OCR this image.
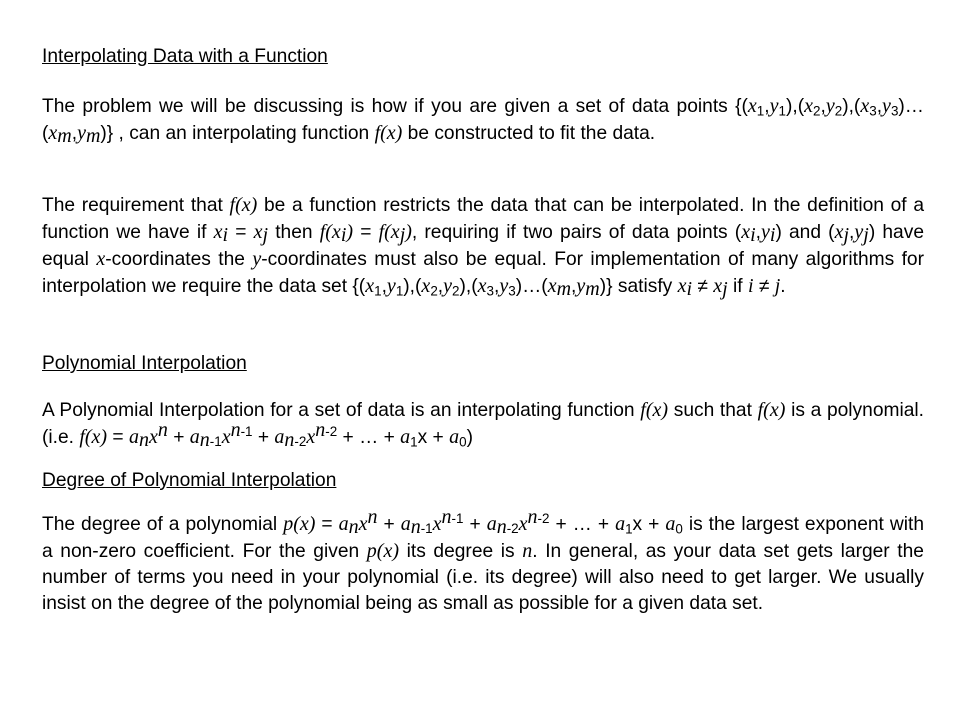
Interpolating Data with a Function

The problem we will be discussing is how if you are given a set of data points $\{(x_1,y_1),(x_2,y_2),(x_3,y_3)\dots(x_m,y_m)\}$ , can an interpolating function f(x) be constructed to fit the data.

The requirement that f(x) be a function restricts the data that can be interpolated. In the definition of a function we have if $x_i = x_j$ then $f(x_i) = f(x_j)$, requiring if two pairs of data points $(x_i,y_i)$ and $(x_j,y_j)$ have equal x-coordinates the y-coordinates must also be equal. For implementation of many algorithms for interpolation we require the data set $\{(x_1,y_1),(x_2,y_2),(x_3,y_3)\dots(x_m,y_m)\}$ satisfy $x_i \ne x_j$ if i ≠ j.

Polynomial Interpolation

A Polynomial Interpolation for a set of data is an interpolating function f(x) such that f(x) is a polynomial. (i.e. $f(x) = a_nx^n + a_{n-1}x^{n-1} + a_{n-2}x^{n-2}$ + … + $a_1x + a_0$)

Degree of Polynomial Interpolation

The degree of a polynomial $p(x) = a_nx^n + a_{n-1}x^{n-1} + a_{n-2}x^{n-2}$ + … + $a_1x + a_0$ is the largest exponent with a non-zero coefficient. For the given p(x) its degree is n. In general, as your data set gets larger the number of terms you need in your polynomial (i.e. its degree) will also need to get larger. We usually insist on the degree of the polynomial being as small as possible for a given data set.
